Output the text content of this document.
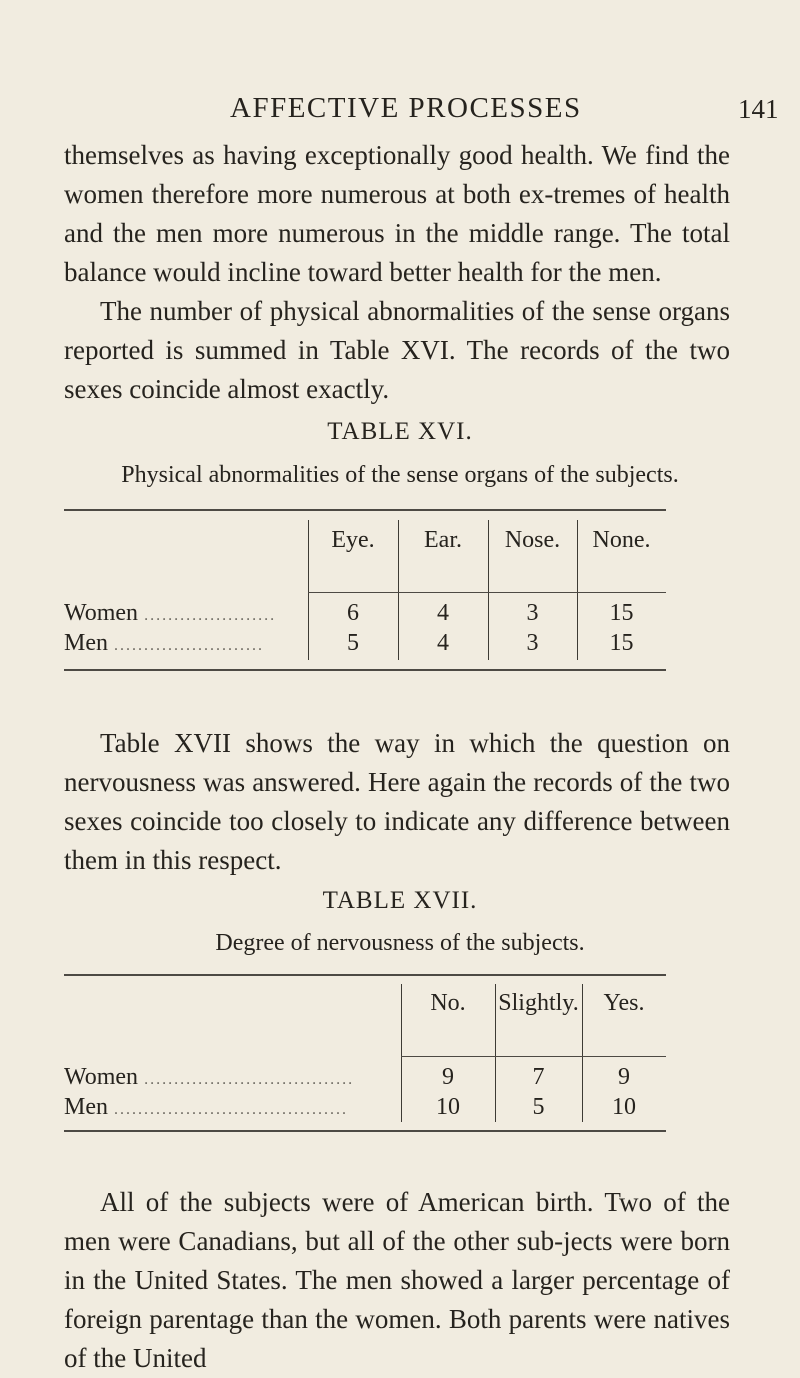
AFFECTIVE PROCESSES	141

themselves as having exceptionally good health. We find the women therefore more numerous at both ex-tremes of health and the men more numerous in the middle range. The total balance would incline toward better health for the men.

The number of physical abnormalities of the sense organs reported is summed in Table XVI. The records of the two sexes coincide almost exactly.

TABLE XVI.

Physical abnormalities of the sense organs of the subjects.

Eye.	Ear.	Nose.	None.
Women ......................	6	4	3	15
Men .........................	5	4	3	15

Table XVII shows the way in which the question on nervousness was answered. Here again the records of the two sexes coincide too closely to indicate any difference between them in this respect.

TABLE XVII.

Degree of nervousness of the subjects.

No.	Slightly.	Yes.
Women ...................................	9	7	9
Men .......................................	10	5	10

All of the subjects were of American birth. Two of the men were Canadians, but all of the other sub-jects were born in the United States. The men showed a larger percentage of foreign parentage than the women. Both parents were natives of the United
